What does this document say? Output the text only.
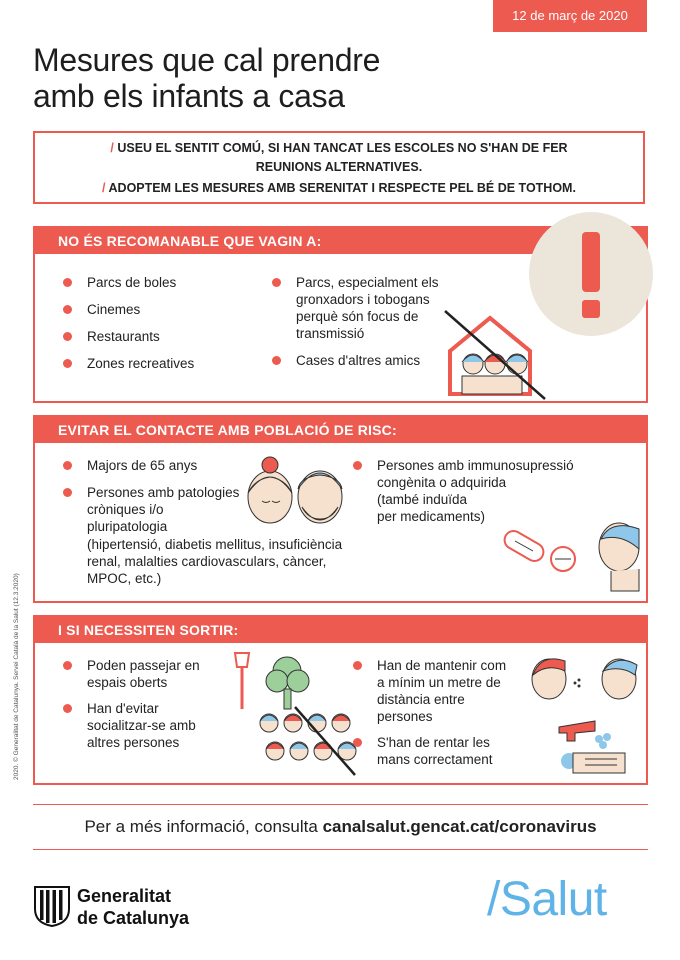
12 de març de 2020
Mesures que cal prendre
amb els infants a casa
/ USEU EL SENTIT COMÚ, SI HAN TANCAT LES ESCOLES NO S'HAN DE FER
REUNIONS ALTERNATIVES.
/ ADOPTEM LES MESURES AMB SERENITAT I RESPECTE PEL BÉ DE TOTHOM.
NO ÉS RECOMANABLE QUE VAGIN A:
Parcs de boles
Cinemes
Restaurants
Zones recreatives
Parcs, especialment els gronxadors i tobogans perquè són focus de transmissió
Cases d'altres amics
EVITAR EL CONTACTE AMB POBLACIÓ DE RISC:
Majors de 65 anys
Persones amb patologies cròniques i/o pluripatologia
(hipertensió, diabetis mellitus, insuficiència renal, malalties cardiovasculars, càncer, MPOC, etc.)
Persones amb immunosupressió congènita o adquirida
(també induïda per medicaments)
I SI NECESSITEN SORTIR:
Poden passejar en espais oberts
Han d'evitar socialitzar-se amb altres persones
Han de mantenir com a mínim un metre de distància entre persones
S'han de rentar les mans correctament
2020. © Generalitat de Catalunya. Servei Català de la Salut (12.3.2020)
Per a més informació, consulta canalsalut.gencat.cat/coronavirus
Generalitat
de Catalunya	/Salut
